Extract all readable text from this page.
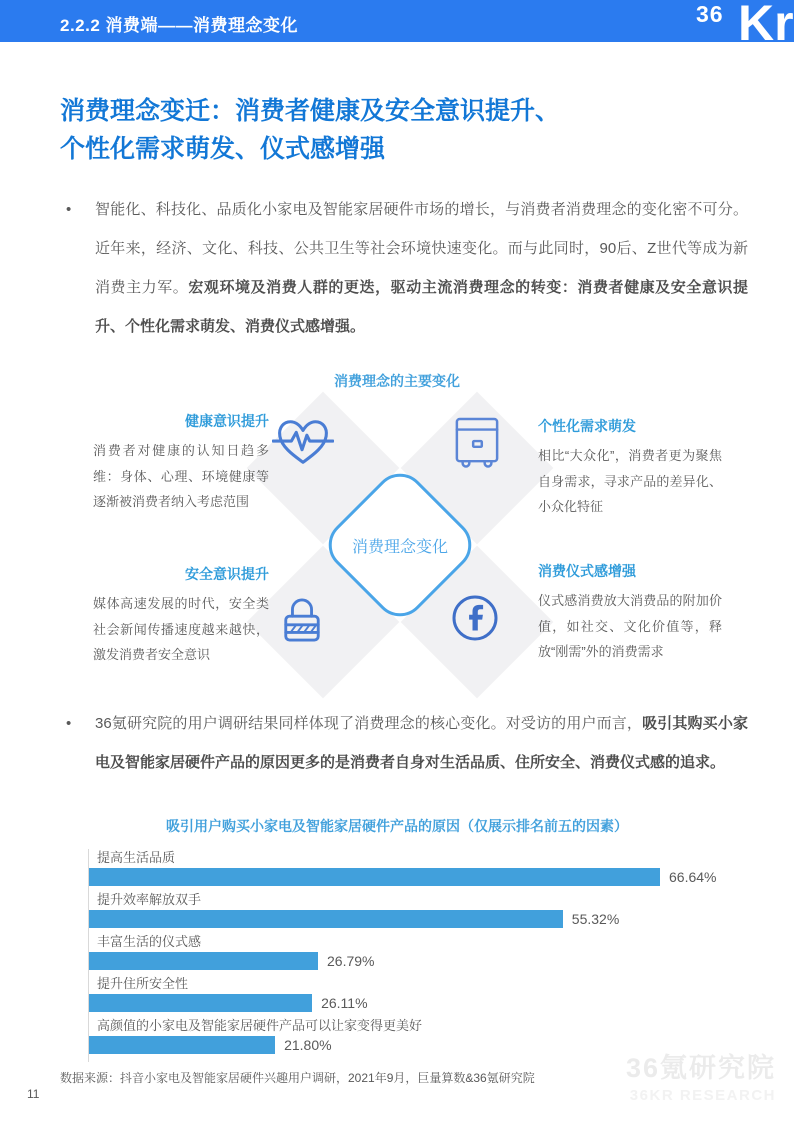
2.2.2 消费端——消费理念变化	36 Kr
消费理念变迁：消费者健康及安全意识提升、
个性化需求萌发、仪式感增强
•	智能化、科技化、品质化小家电及智能家居硬件市场的增长，与消费者消费理念的变化密不可分。近年来，经济、文化、科技、公共卫生等社会环境快速变化。而与此同时，90后、Z世代等成为新消费主力军。宏观环境及消费人群的更迭，驱动主流消费理念的转变：消费者健康及安全意识提升、个性化需求萌发、消费仪式感增强。
消费理念的主要变化
消费理念变化
健康意识提升
消费者对健康的认知日趋多维：身体、心理、环境健康等逐渐被消费者纳入考虑范围
个性化需求萌发
相比“大众化”，消费者更为聚焦自身需求，寻求产品的差异化、小众化特征
安全意识提升
媒体高速发展的时代，安全类社会新闻传播速度越来越快，激发消费者安全意识
消费仪式感增强
仪式感消费放大消费品的附加价值，如社交、文化价值等，释放“刚需”外的消费需求
•	36氪研究院的用户调研结果同样体现了消费理念的核心变化。对受访的用户而言，吸引其购买小家电及智能家居硬件产品的原因更多的是消费者自身对生活品质、住所安全、消费仪式感的追求。
吸引用户购买小家电及智能家居硬件产品的原因（仅展示排名前五的因素）
提高生活品质
66.64%
提升效率解放双手
55.32%
丰富生活的仪式感
26.79%
提升住所安全性
26.11%
高颜值的小家电及智能家居硬件产品可以让家变得更美好
21.80%
数据来源：抖音小家电及智能家居硬件兴趣用户调研，2021年9月，巨量算数&36氪研究院
11
36氪研究院
36KR RESEARCH
